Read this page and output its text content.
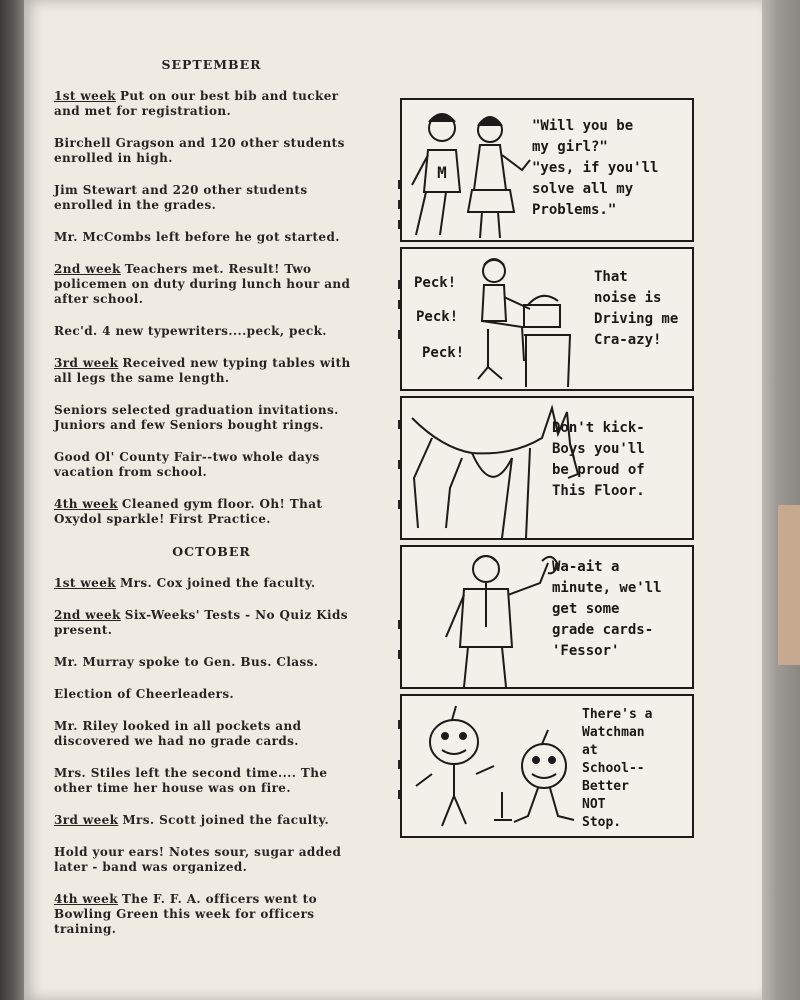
SEPTEMBER
1st week Put on our best bib and tucker and met for registration.
Birchell Gragson and 120 other students enrolled in high.
Jim Stewart and 220 other students enrolled in the grades.
Mr. McCombs left before he got started.
2nd week Teachers met. Result! Two policemen on duty during lunch hour and after school.
Rec'd. 4 new typewriters....peck, peck.
3rd week Received new typing tables with all legs the same length.
Seniors selected graduation invitations. Juniors and few Seniors bought rings.
Good Ol' County Fair--two whole days vacation from school.
4th week Cleaned gym floor. Oh! That Oxydol sparkle! First Practice.
OCTOBER
1st week Mrs. Cox joined the faculty.
2nd week Six-Weeks' Tests - No Quiz Kids present.
Mr. Murray spoke to Gen. Bus. Class.
Election of Cheerleaders.
Mr. Riley looked in all pockets and discovered we had no grade cards.
Mrs. Stiles left the second time.... The other time her house was on fire.
3rd week Mrs. Scott joined the faculty.
Hold your ears! Notes sour, sugar added later - band was organized.
4th week The F. F. A. officers went to Bowling Green this week for officers training.
M
"Will you be
my girl?"
"yes, if you'll
solve all my
Problems."
Peck!
Peck!
Peck!
That
noise is
Driving me
Cra-azy!
Don't kick-
Boys you'll
be proud of
This Floor.
Wa-ait a
minute, we'll
get some
grade cards-
'Fessor'
There's a
Watchman
at
School--
Better
NOT
Stop.
